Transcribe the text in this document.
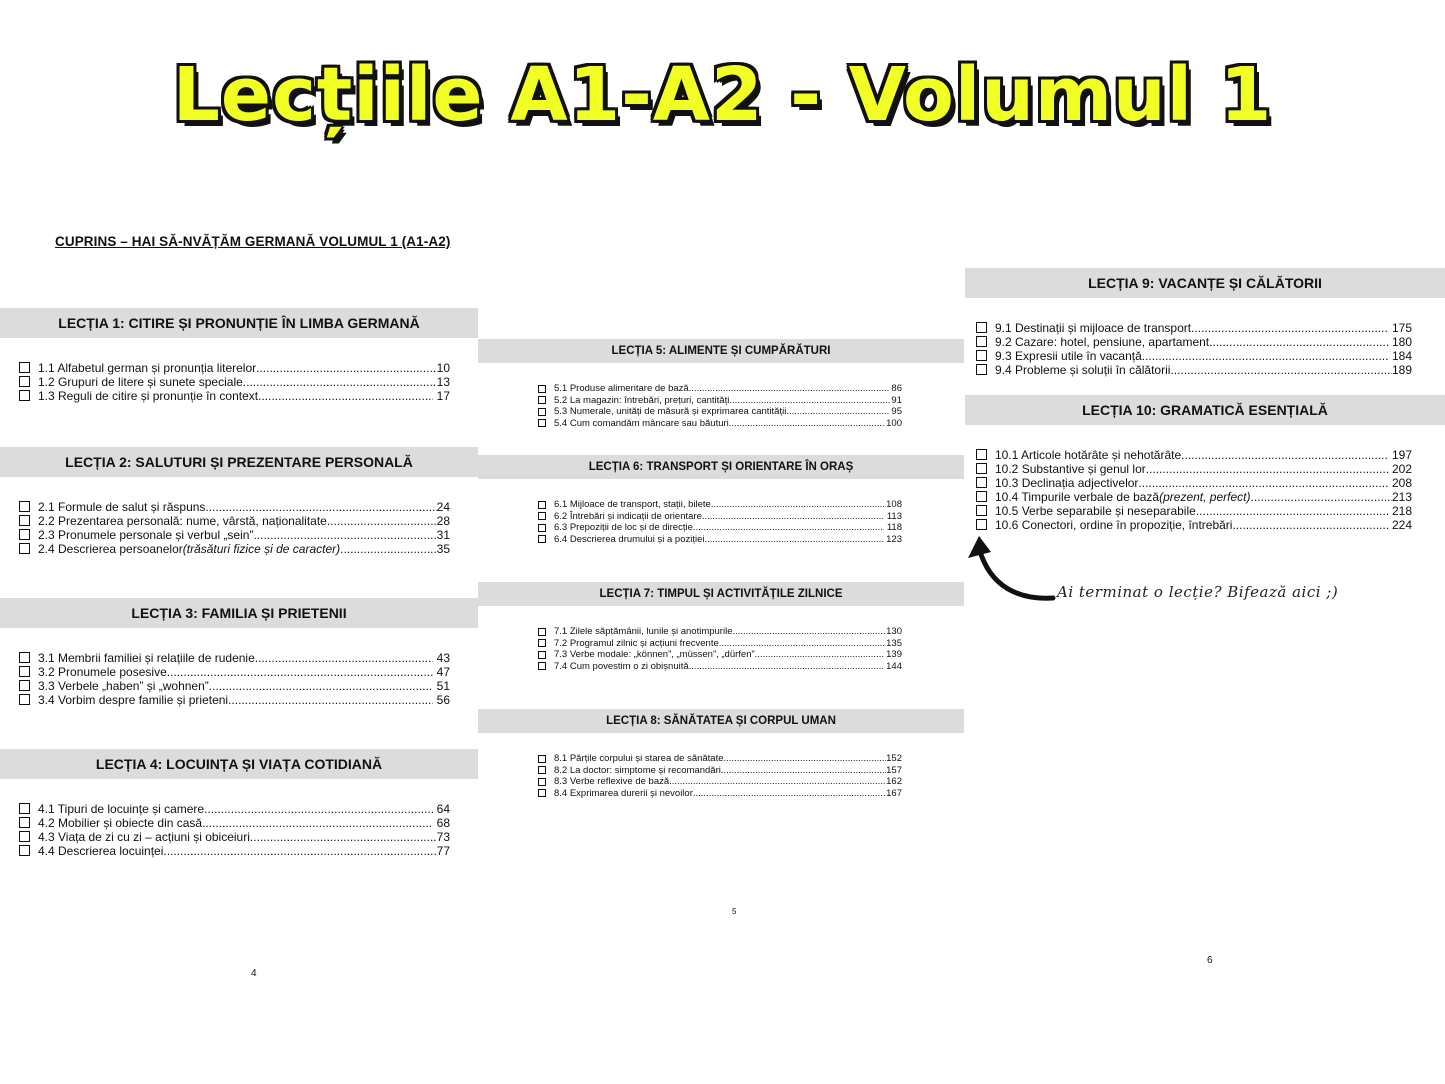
Lecțiile A1-A2 - Volumul 1
CUPRINS – HAI SĂ-NVĂȚĂM GERMANĂ VOLUMUL 1 (A1-A2)
LECȚIA 1: CITIRE ȘI PRONUNȚIE ÎN LIMBA GERMANĂ
1.1 Alfabetul german și pronunția literelor .....	10
1.2 Grupuri de litere și sunete speciale .....	13
1.3 Reguli de citire și pronunție în context .....	17
LECȚIA 2: SALUTURI ȘI PREZENTARE PERSONALĂ
2.1 Formule de salut și răspuns .....	24
2.2 Prezentarea personală: nume, vârstă, naționalitate .....	28
2.3 Pronumele personale și verbul „sein” .....	31
2.4 Descrierea persoanelor (trăsături fizice și de caracter) .....	35
LECȚIA 3: FAMILIA ȘI PRIETENII
3.1 Membrii familiei și relațiile de rudenie .....	43
3.2 Pronumele posesive .....	47
3.3 Verbele „haben” și „wohnen” .....	51
3.4 Vorbim despre familie și prieteni .....	56
LECȚIA 4: LOCUINȚA ȘI VIAȚA COTIDIANĂ
4.1 Tipuri de locuințe și camere .....	64
4.2 Mobilier și obiecte din casă .....	68
4.3 Viața de zi cu zi – acțiuni și obiceiuri .....	73
4.4 Descrierea locuinței .....	77
LECȚIA 5: ALIMENTE ȘI CUMPĂRĂTURI
5.1 Produse alimentare de bază .....	86
5.2 La magazin: întrebări, prețuri, cantități .....	91
5.3 Numerale, unități de măsură și exprimarea cantității .....	95
5.4 Cum comandăm mâncare sau băuturi .....	100
LECȚIA 6: TRANSPORT ȘI ORIENTARE ÎN ORAȘ
6.1 Mijloace de transport, stații, bilete .....	108
6.2 Întrebări și indicații de orientare .....	113
6.3 Prepoziții de loc și de direcție .....	118
6.4 Descrierea drumului și a poziției .....	123
LECȚIA 7: TIMPUL ȘI ACTIVITĂȚILE ZILNICE
7.1 Zilele săptămânii, lunile și anotimpurile .....	130
7.2 Programul zilnic și acțiuni frecvente .....	135
7.3 Verbe modale: „können”, „müssen”, „dürfen” .....	139
7.4 Cum povestim o zi obișnuită .....	144
LECȚIA 8: SĂNĂTATEA ȘI CORPUL UMAN
8.1 Părțile corpului și starea de sănătate .....	152
8.2 La doctor: simptome și recomandări .....	157
8.3 Verbe reflexive de bază .....	162
8.4 Exprimarea durerii și nevoilor .....	167
LECȚIA 9: VACANȚE ȘI CĂLĂTORII
9.1 Destinații și mijloace de transport .....	175
9.2 Cazare: hotel, pensiune, apartament .....	180
9.3 Expresii utile în vacanță .....	184
9.4 Probleme și soluții în călătorii .....	189
LECȚIA 10: GRAMATICĂ ESENȚIALĂ
10.1 Articole hotărâte și nehotărâte .....	197
10.2 Substantive și genul lor .....	202
10.3 Declinația adjectivelor .....	208
10.4 Timpurile verbale de bază (prezent, perfect) .....	213
10.5 Verbe separabile și neseparabile .....	218
10.6 Conectori, ordine în propoziție, întrebări .....	224
Ai terminat o lecție? Bifează aici ;)
4
5
6
